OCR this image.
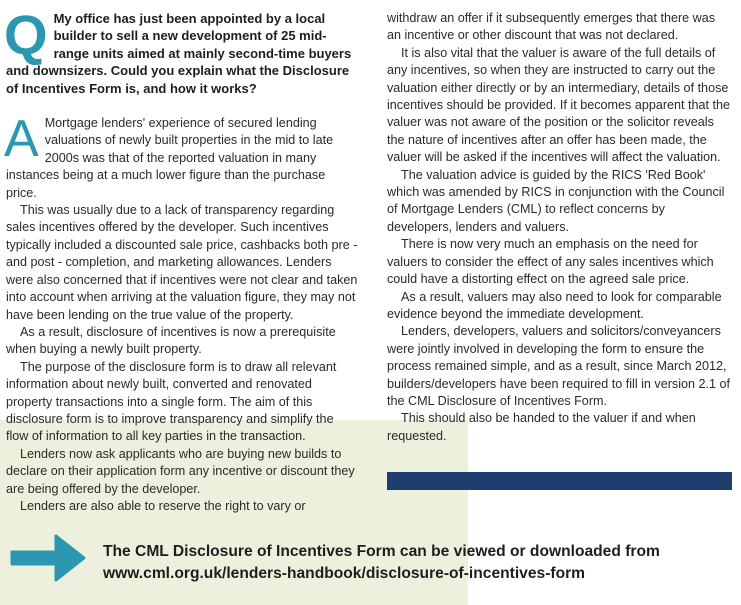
Q My office has just been appointed by a local builder to sell a new development of 25 mid-range units aimed at mainly second-time buyers and downsizers. Could you explain what the Disclosure of Incentives Form is, and how it works?
A Mortgage lenders' experience of secured lending valuations of newly built properties in the mid to late 2000s was that of the reported valuation in many instances being at a much lower figure than the purchase price.

This was usually due to a lack of transparency regarding sales incentives offered by the developer. Such incentives typically included a discounted sale price, cashbacks both pre - and post - completion, and marketing allowances. Lenders were also concerned that if incentives were not clear and taken into account when arriving at the valuation figure, they may not have been lending on the true value of the property.

As a result, disclosure of incentives is now a prerequisite when buying a newly built property.

The purpose of the disclosure form is to draw all relevant information about newly built, converted and renovated property transactions into a single form. The aim of this disclosure form is to improve transparency and simplify the flow of information to all key parties in the transaction.

Lenders now ask applicants who are buying new builds to declare on their application form any incentive or discount they are being offered by the developer.

Lenders are also able to reserve the right to vary or

withdraw an offer if it subsequently emerges that there was an incentive or other discount that was not declared.

It is also vital that the valuer is aware of the full details of any incentives, so when they are instructed to carry out the valuation either directly or by an intermediary, details of those incentives should be provided. If it becomes apparent that the valuer was not aware of the position or the solicitor reveals the nature of incentives after an offer has been made, the valuer will be asked if the incentives will affect the valuation.

The valuation advice is guided by the RICS 'Red Book' which was amended by RICS in conjunction with the Council of Mortgage Lenders (CML) to reflect concerns by developers, lenders and valuers.

There is now very much an emphasis on the need for valuers to consider the effect of any sales incentives which could have a distorting effect on the agreed sale price.

As a result, valuers may also need to look for comparable evidence beyond the immediate development.

Lenders, developers, valuers and solicitors/conveyancers were jointly involved in developing the form to ensure the process remained simple, and as a result, since March 2012, builders/developers have been required to fill in version 2.1 of the CML Disclosure of Incentives Form.

This should also be handed to the valuer if and when requested.

The CML Disclosure of Incentives Form can be viewed or downloaded from
www.cml.org.uk/lenders-handbook/disclosure-of-incentives-form
